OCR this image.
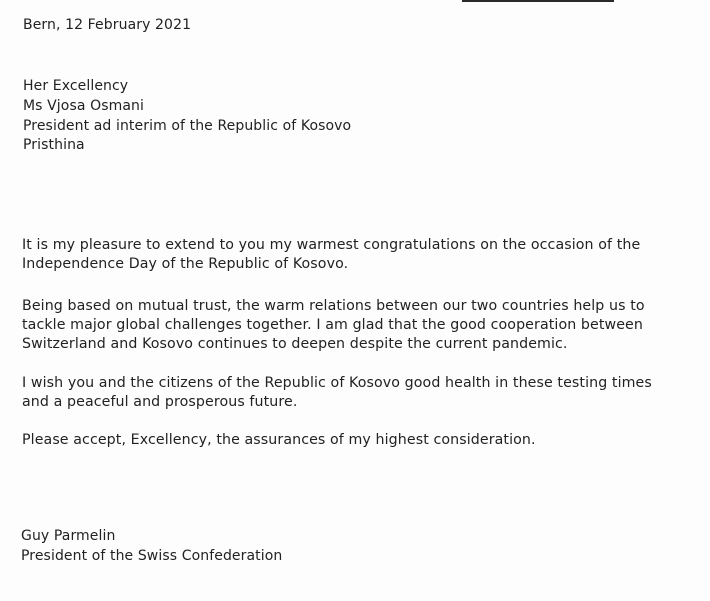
Bern, 12 February 2021
Her Excellency
Ms Vjosa Osmani
President ad interim of the Republic of Kosovo
Pristhina
It is my pleasure to extend to you my warmest congratulations on the occasion of the
Independence Day of the Republic of Kosovo.
Being based on mutual trust, the warm relations between our two countries help us to
tackle major global challenges together. I am glad that the good cooperation between
Switzerland and Kosovo continues to deepen despite the current pandemic.
I wish you and the citizens of the Republic of Kosovo good health in these testing times
and a peaceful and prosperous future.
Please accept, Excellency, the assurances of my highest consideration.
Guy Parmelin
President of the Swiss Confederation
